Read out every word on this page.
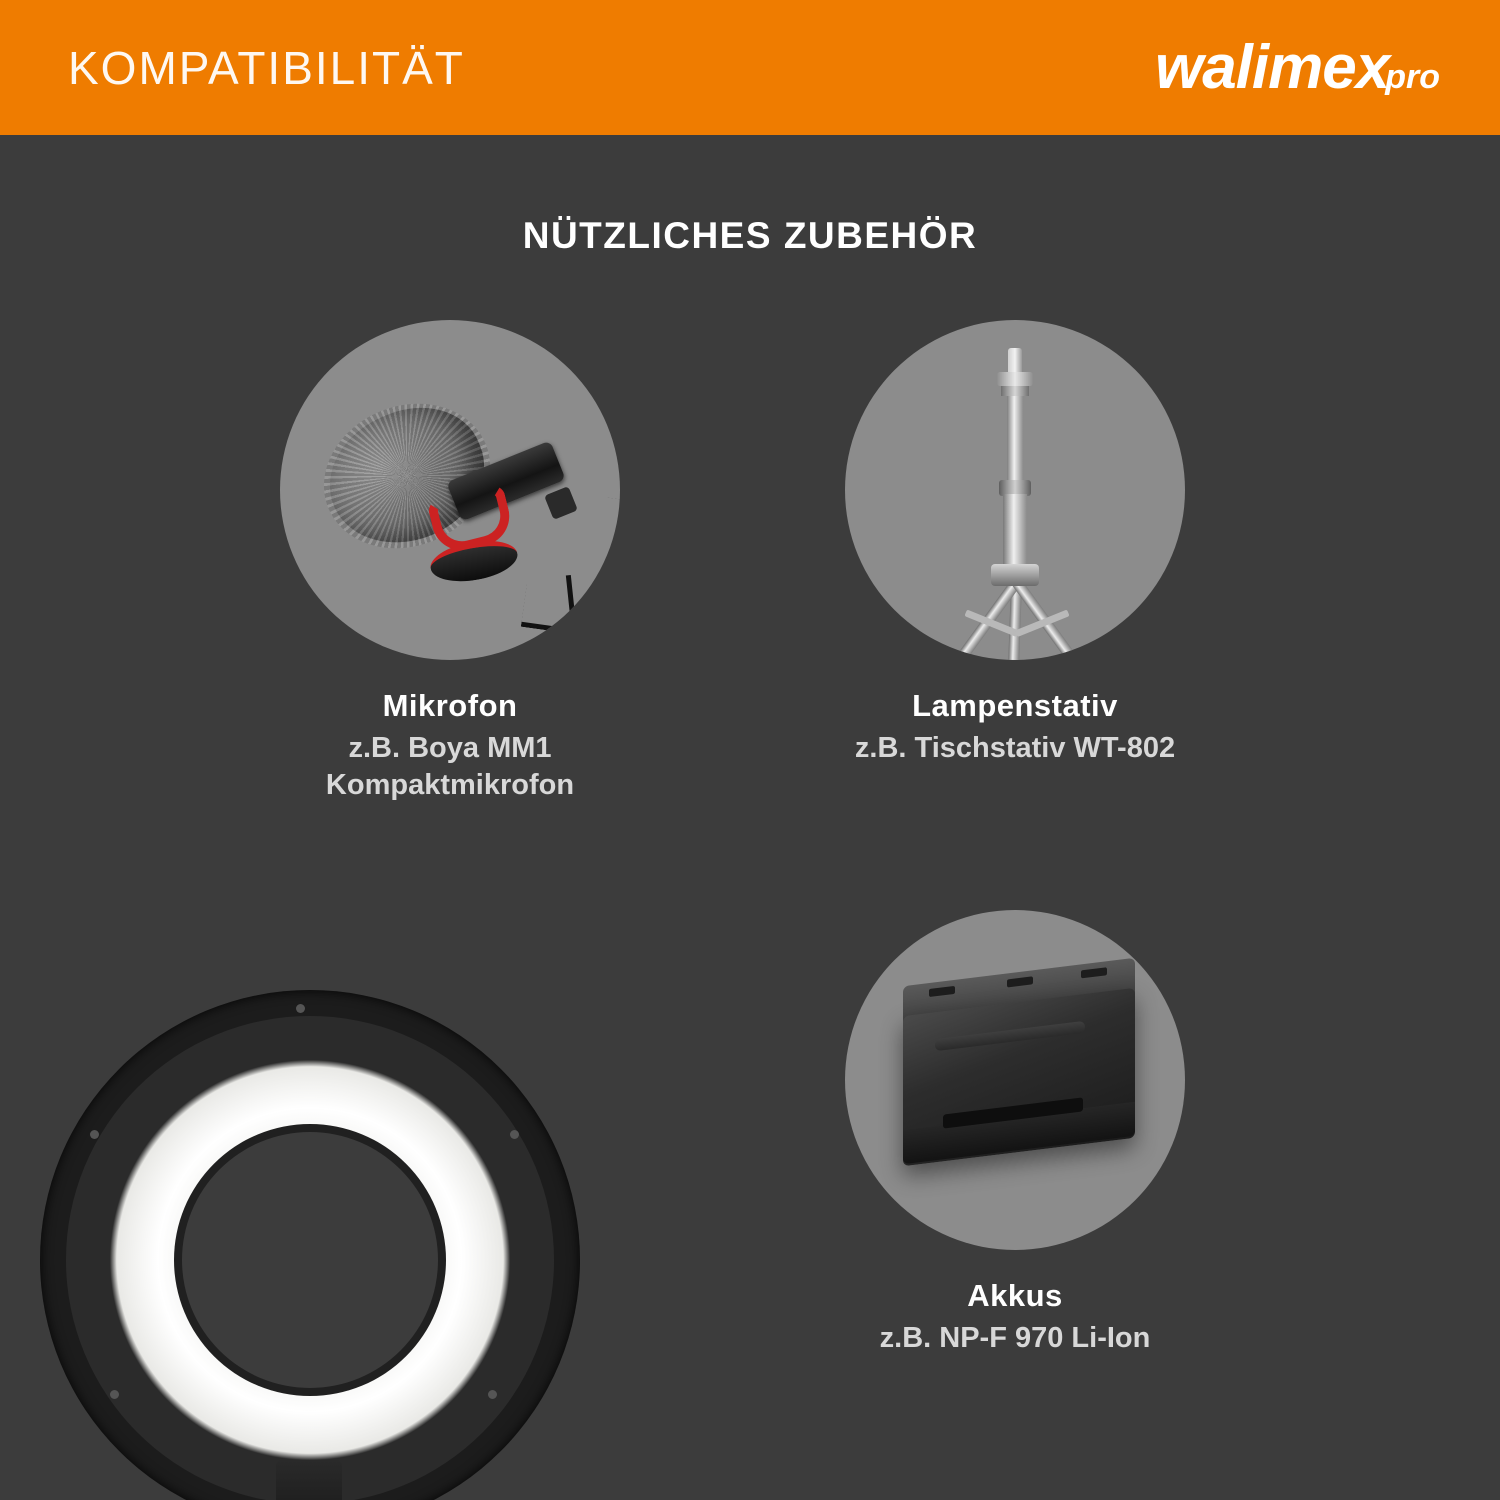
KOMPATIBILITÄT	walimex
pro
NÜTZLICHES ZUBEHÖR
Mikrofon
z.B. Boya MM1
Kompaktmikrofon
Lampenstativ
z.B. Tischstativ WT-802
Akkus
z.B. NP-F 970 Li-Ion
